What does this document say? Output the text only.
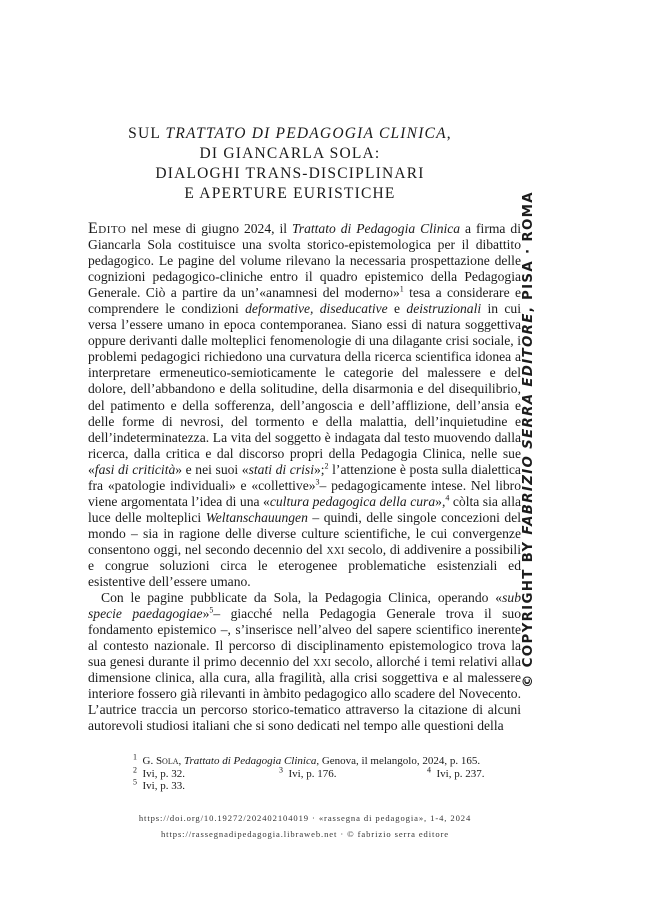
SUL TRATTATO DI PEDAGOGIA CLINICA,
DI GIANCARLA SOLA:
DIALOGHI TRANS-DISCIPLINARI
E APERTURE EURISTICHE

Edito nel mese di giugno 2024, il Trattato di Pedagogia Clinica a firma di Giancarla Sola costituisce una svolta storico-epistemologica per il dibattito pedagogico. Le pagine del volume rilevano la necessaria prospettazione delle cognizioni pedagogico-cliniche entro il quadro epistemico della Pedagogia Generale. Ciò a partire da un’«anamnesi del moderno»$^1$ tesa a considerare e comprendere le condizioni deformative, diseducative e deistruzionali in cui versa l’essere umano in epoca contemporanea. Siano essi di natura soggettiva oppure derivanti dalle molteplici fenomenologie di una dilagante crisi sociale, i problemi pedagogici richiedono una curvatura della ricerca scientifica idonea a interpretare ermeneutico-semioticamente le categorie del malessere e del dolore, dell’abbandono e della solitudine, della disarmonia e del disequilibrio, del patimento e della sofferenza, dell’angoscia e dell’afflizione, dell’ansia e delle forme di nevrosi, del tormento e della malattia, dell’inquietudine e dell’indeterminatezza. La vita del soggetto è indagata dal testo muovendo dalla ricerca, dalla critica e dal discorso propri della Pedagogia Clinica, nelle sue «fasi di criticità» e nei suoi «stati di crisi»;$^2$ l’attenzione è posta sulla dialettica fra «patologie individuali» e «collettive»$^3$– pedagogicamente intese. Nel libro viene argomentata l’idea di una «cultura pedagogica della cura»,$^4$ còlta sia alla luce delle molteplici Weltanschauungen – quindi, delle singole concezioni del mondo – sia in ragione delle diverse culture scientifiche, le cui convergenze consentono oggi, nel secondo decennio del xxi secolo, di addivenire a possibili e congrue soluzioni circa le eterogenee problematiche esistenziali ed esistentive dell’essere umano.

Con le pagine pubblicate da Sola, la Pedagogia Clinica, operando «sub specie paedagogiae»$^5$– giacché nella Pedagogia Generale trova il suo fondamento epistemico –, s’inserisce nell’alveo del sapere scientifico inerente al contesto nazionale. Il percorso di disciplinamento epistemologico trova la sua genesi durante il primo decennio del xxi secolo, allorché i temi relativi alla dimensione clinica, alla cura, alla fragilità, alla crisi soggettiva e al malessere interiore fossero già rilevanti in àmbito pedagogico allo scadere del Novecento. L’autrice traccia un percorso storico-tematico attraverso la citazione di alcuni autorevoli studiosi italiani che si sono dedicati nel tempo alle questioni della

$^1$ G. Sola, Trattato di Pedagogia Clinica, Genova, il melangolo, 2024, p. 165.
$^2$ Ivi, p. 32.	$^3$ Ivi, p. 176.	$^4$ Ivi, p. 237.
$^5$ Ivi, p. 33.
https://doi.org/10.19272/202402104019 · «rassegna di pedagogia», 1-4, 2024
https://rassegnadipedagogia.libraweb.net · © fabrizio serra editore
© COPYRIGHT BY FABRIZIO SERRA EDITORE, PISA · ROMA
